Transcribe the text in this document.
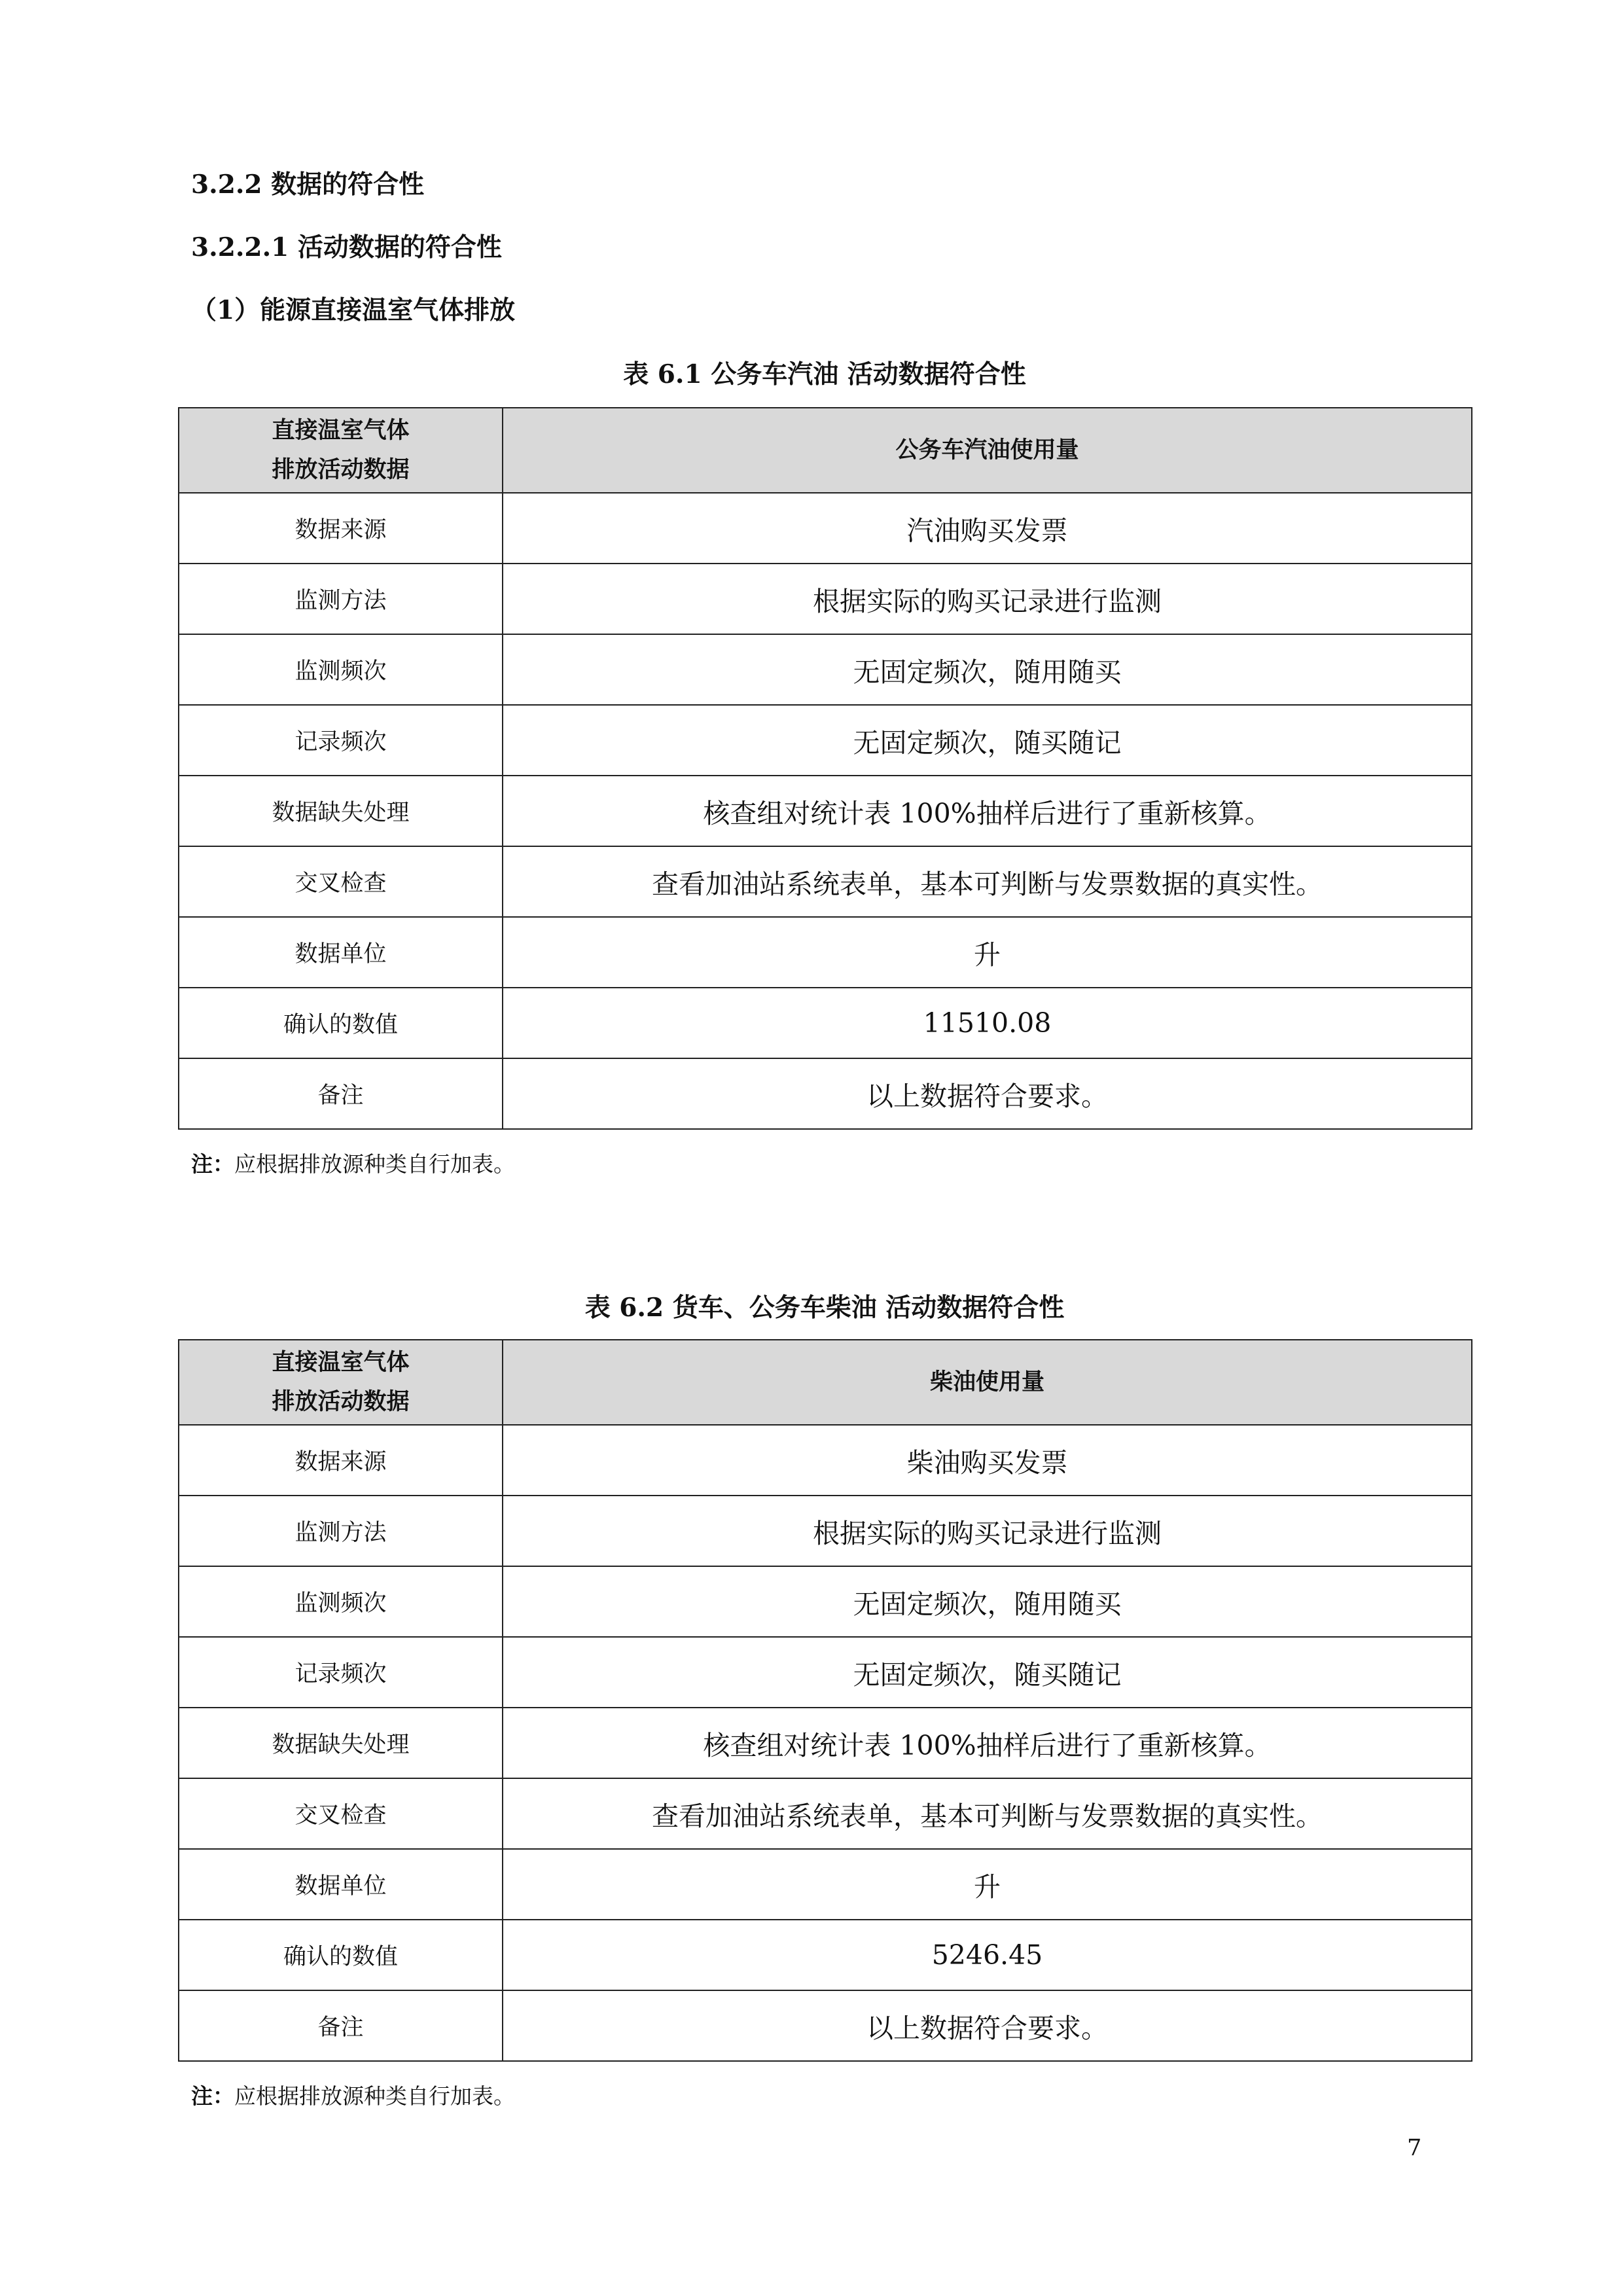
3.2.2 数据的符合性
3.2.2.1 活动数据的符合性
（1）能源直接温室气体排放
表 6.1 公务车汽油 活动数据符合性
直接温室气体
排放活动数据	公务车汽油使用量
数据来源	汽油购买发票
监测方法	根据实际的购买记录进行监测
监测频次	无固定频次，随用随买
记录频次	无固定频次，随买随记
数据缺失处理	核查组对统计表 100%抽样后进行了重新核算。
交叉检查	查看加油站系统表单，基本可判断与发票数据的真实性。
数据单位	升
确认的数值	11510.08
备注	以上数据符合要求。
注：应根据排放源种类自行加表。
表 6.2 货车、公务车柴油 活动数据符合性
直接温室气体
排放活动数据	柴油使用量
数据来源	柴油购买发票
监测方法	根据实际的购买记录进行监测
监测频次	无固定频次，随用随买
记录频次	无固定频次，随买随记
数据缺失处理	核查组对统计表 100%抽样后进行了重新核算。
交叉检查	查看加油站系统表单，基本可判断与发票数据的真实性。
数据单位	升
确认的数值	5246.45
备注	以上数据符合要求。
注：应根据排放源种类自行加表。
7
